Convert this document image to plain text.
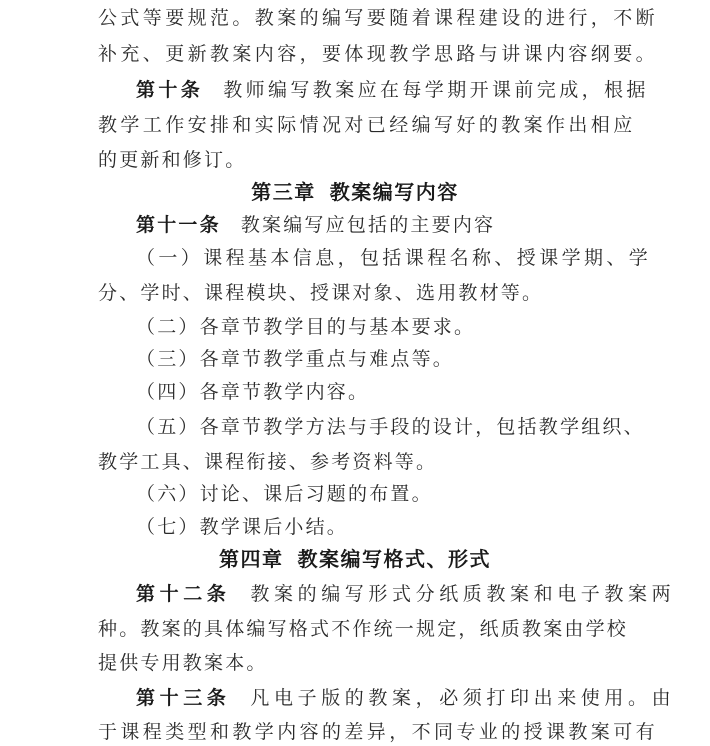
公式等要规范。教案的编写要随着课程建设的进行，不断
补充、更新教案内容，要体现教学思路与讲课内容纲要。
第十条 教师编写教案应在每学期开课前完成，根据
教学工作安排和实际情况对已经编写好的教案作出相应
的更新和修订。
第三章 教案编写内容
第十一条 教案编写应包括的主要内容
（一）课程基本信息，包括课程名称、授课学期、学
分、学时、课程模块、授课对象、选用教材等。
（二）各章节教学目的与基本要求。
（三）各章节教学重点与难点等。
（四）各章节教学内容。
（五）各章节教学方法与手段的设计，包括教学组织、
教学工具、课程衔接、参考资料等。
（六）讨论、课后习题的布置。
（七）教学课后小结。
第四章 教案编写格式、形式
第十二条 教案的编写形式分纸质教案和电子教案两
种。教案的具体编写格式不作统一规定，纸质教案由学校
提供专用教案本。
第十三条 凡电子版的教案，必须打印出来使用。由
于课程类型和教学内容的差异，不同专业的授课教案可有
